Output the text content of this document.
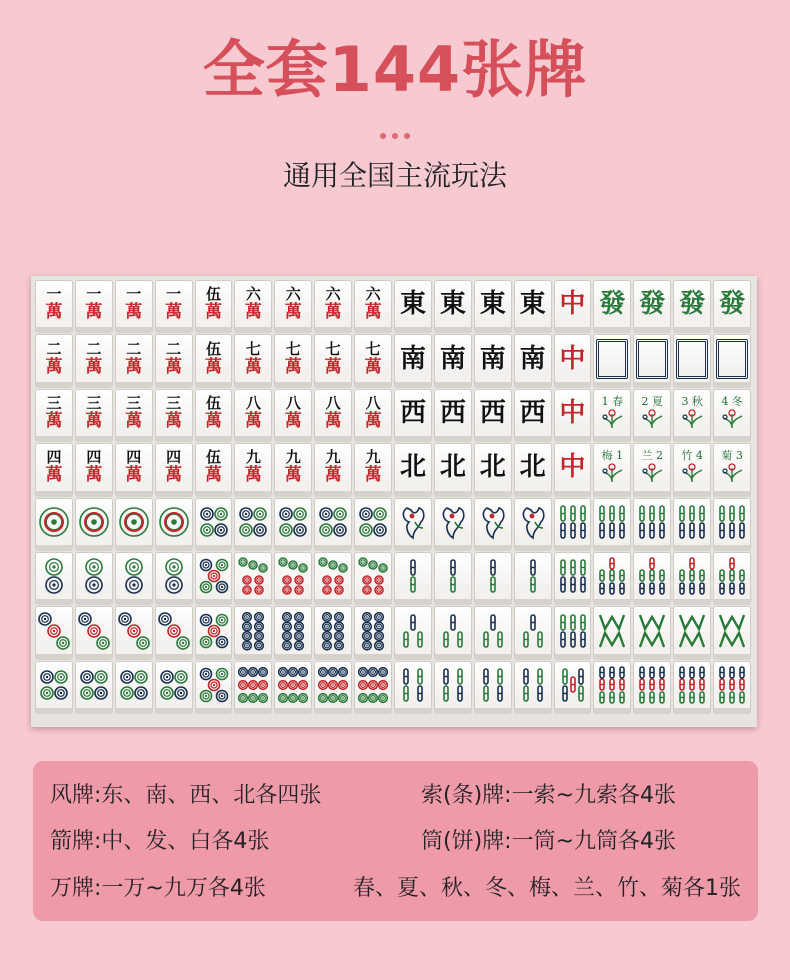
全套144张牌
通用全国主流玩法
一
萬
一
萬
一
萬
一
萬
伍
萬
六
萬
六
萬
六
萬
六
萬 東 東 東 東 中 發 發 發 發
二
萬
二
萬
二
萬
二
萬
伍
萬
七
萬
七
萬
七
萬
七
萬 南 南 南 南 中
三
萬
三
萬
三
萬
三
萬
伍
萬
八
萬
八
萬
八
萬
八
萬 西 西 西 西 中 1 春 2 夏 3 秋 4 冬
四
萬
四
萬
四
萬
四
萬
伍
萬
九
萬
九
萬
九
萬
九
萬 北 北 北 北 中 梅 1 兰 2 竹 4 菊 3
风牌:东、南、西、北各四张	索(条)牌:一索~九索各4张
箭牌:中、发、白各4张	筒(饼)牌:一筒~九筒各4张
万牌:一万~九万各4张	春、夏、秋、冬、梅、兰、竹、菊各1张
